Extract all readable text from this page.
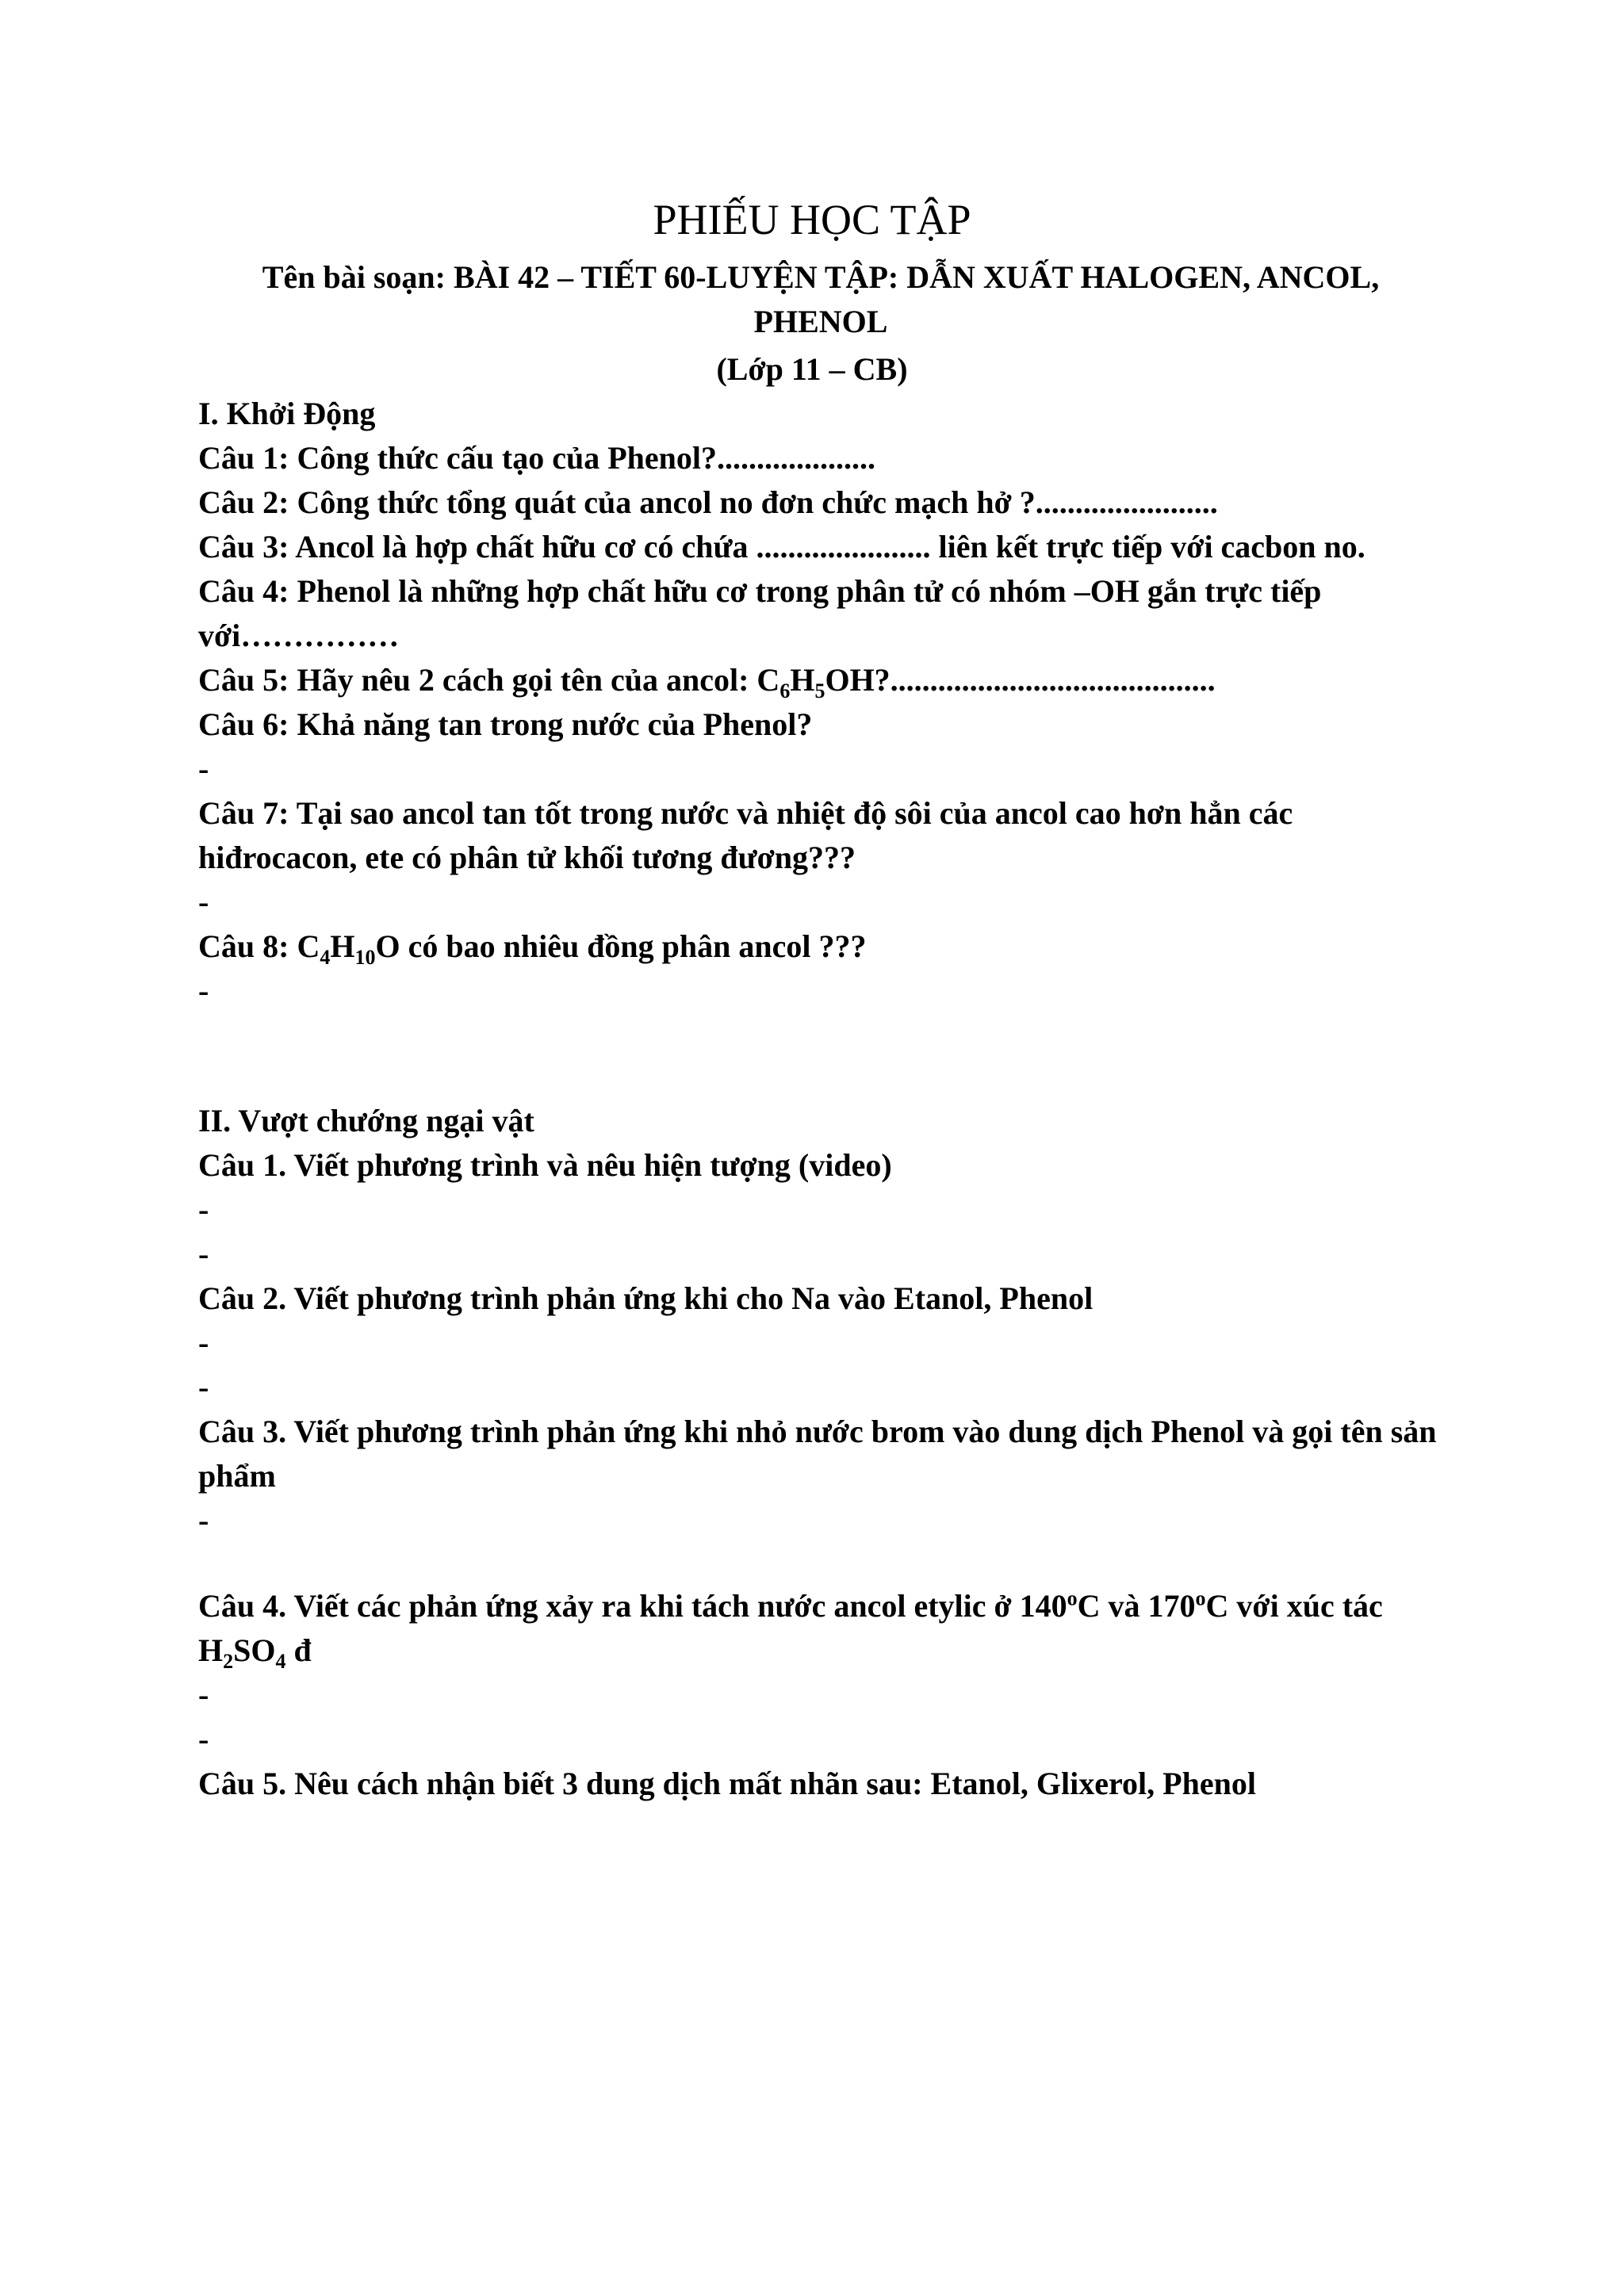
PHIẾU HỌC TẬP
Tên bài soạn: BÀI 42 – TIẾT 60-LUYỆN TẬP: DẪN XUẤT HALOGEN, ANCOL, PHENOL
(Lớp 11 – CB)
I. Khởi Động
Câu 1: Công thức cấu tạo của Phenol?....................
Câu 2: Công thức tổng quát của ancol no đơn chức mạch hở ?.......................
Câu 3: Ancol là hợp chất hữu cơ có chứa ...................... liên kết trực tiếp với cacbon no.
Câu 4: Phenol là những hợp chất hữu cơ trong phân tử có nhóm –OH gắn trực tiếp với……………
Câu 5: Hãy nêu 2 cách gọi tên của ancol: $C_6H_5OH$?.........................................
Câu 6: Khả năng tan trong nước của Phenol?
-
Câu 7: Tại sao ancol tan tốt trong nước và nhiệt độ sôi của ancol cao hơn hẳn các hiđrocacon, ete có phân tử khối tương đương???
-
Câu 8: $C_4H_{10}O$ có bao nhiêu đồng phân ancol ???
-
II. Vượt chướng ngại vật
Câu 1. Viết phương trình và nêu hiện tượng (video)
-
-
Câu 2. Viết phương trình phản ứng khi cho Na vào Etanol, Phenol
-
-
Câu 3. Viết phương trình phản ứng khi nhỏ nước brom vào dung dịch Phenol và gọi tên sản phẩm
-
Câu 4. Viết các phản ứng xảy ra khi tách nước ancol etylic ở 140$^o$C và 170$^o$C với xúc tác $H_2SO_4$ đ
-
-
Câu 5. Nêu cách nhận biết 3 dung dịch mất nhãn sau: Etanol, Glixerol, Phenol
